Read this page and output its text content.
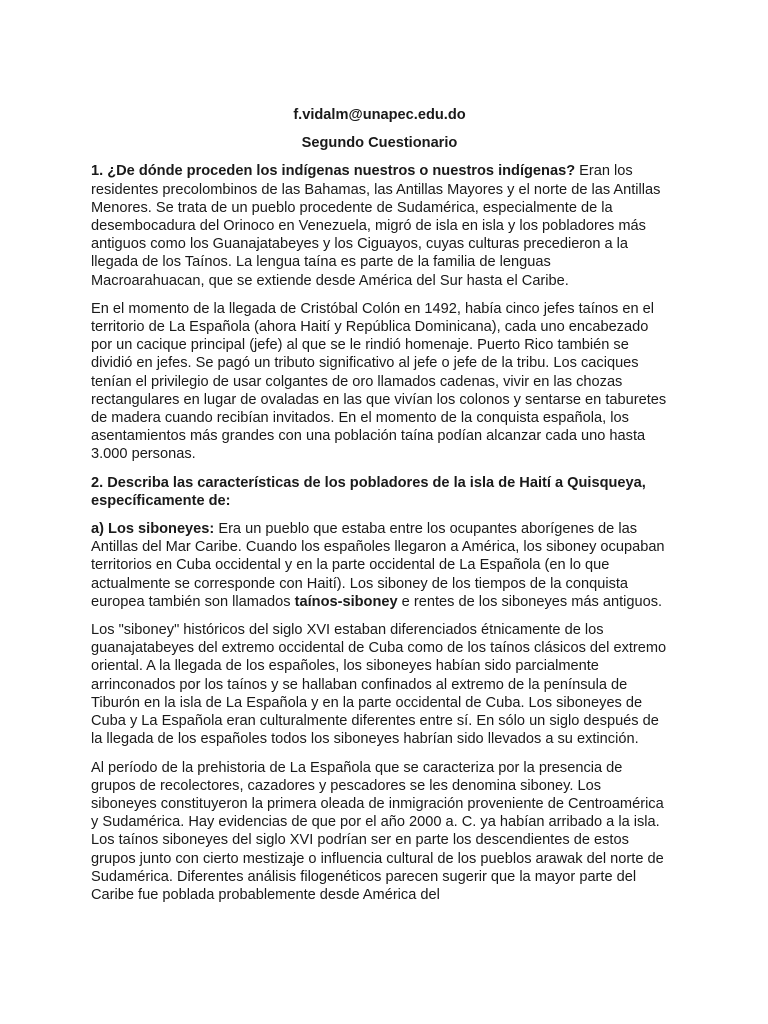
f.vidalm@unapec.edu.do

Segundo Cuestionario

1. ¿De dónde proceden los indígenas nuestros o nuestros indígenas? Eran los residentes precolombinos de las Bahamas, las Antillas Mayores y el norte de las Antillas Menores. Se trata de un pueblo procedente de Sudamérica, especialmente de la desembocadura del Orinoco en Venezuela, migró de isla en isla y los pobladores más antiguos como los Guanajatabeyes y los Ciguayos, cuyas culturas precedieron a la llegada de los Taínos. La lengua taína es parte de la familia de lenguas Macroarahuacan, que se extiende desde América del Sur hasta el Caribe.

En el momento de la llegada de Cristóbal Colón en 1492, había cinco jefes taínos en el territorio de La Española (ahora Haití y República Dominicana), cada uno encabezado por un cacique principal (jefe) al que se le rindió homenaje. Puerto Rico también se dividió en jefes. Se pagó un tributo significativo al jefe o jefe de la tribu. Los caciques tenían el privilegio de usar colgantes de oro llamados cadenas, vivir en las chozas rectangulares en lugar de ovaladas en las que vivían los colonos y sentarse en taburetes de madera cuando recibían invitados. En el momento de la conquista española, los asentamientos más grandes con una población taína podían alcanzar cada uno hasta 3.000 personas.

2. Describa las características de los pobladores de la isla de Haití a Quisqueya, específicamente de:

a) Los siboneyes: Era un pueblo que estaba entre los ocupantes aborígenes de las Antillas del Mar Caribe. Cuando los españoles llegaron a América, los siboney ocupaban territorios en Cuba occidental y en la parte occidental de La Española (en lo que actualmente se corresponde con Haití). Los siboney de los tiempos de la conquista europea también son llamados taínos-siboney e rentes de los siboneyes más antiguos.

Los "siboney" históricos del siglo XVI estaban diferenciados étnicamente de los guanajatabeyes del extremo occidental de Cuba como de los taínos clásicos del extremo oriental. A la llegada de los españoles, los siboneyes habían sido parcialmente arrinconados por los taínos y se hallaban confinados al extremo de la península de Tiburón en la isla de La Española y en la parte occidental de Cuba. Los siboneyes de Cuba y La Española eran culturalmente diferentes entre sí. En sólo un siglo después de la llegada de los españoles todos los siboneyes habrían sido llevados a su extinción.

Al período de la prehistoria de La Española que se caracteriza por la presencia de grupos de recolectores, cazadores y pescadores se les denomina siboney. Los siboneyes constituyeron la primera oleada de inmigración proveniente de Centroamérica y Sudamérica. Hay evidencias de que por el año 2000 a. C. ya habían arribado a la isla. Los taínos siboneyes del siglo XVI podrían ser en parte los descendientes de estos grupos junto con cierto mestizaje o influencia cultural de los pueblos arawak del norte de Sudamérica. Diferentes análisis filogenéticos parecen sugerir que la mayor parte del Caribe fue poblada probablemente desde América del
